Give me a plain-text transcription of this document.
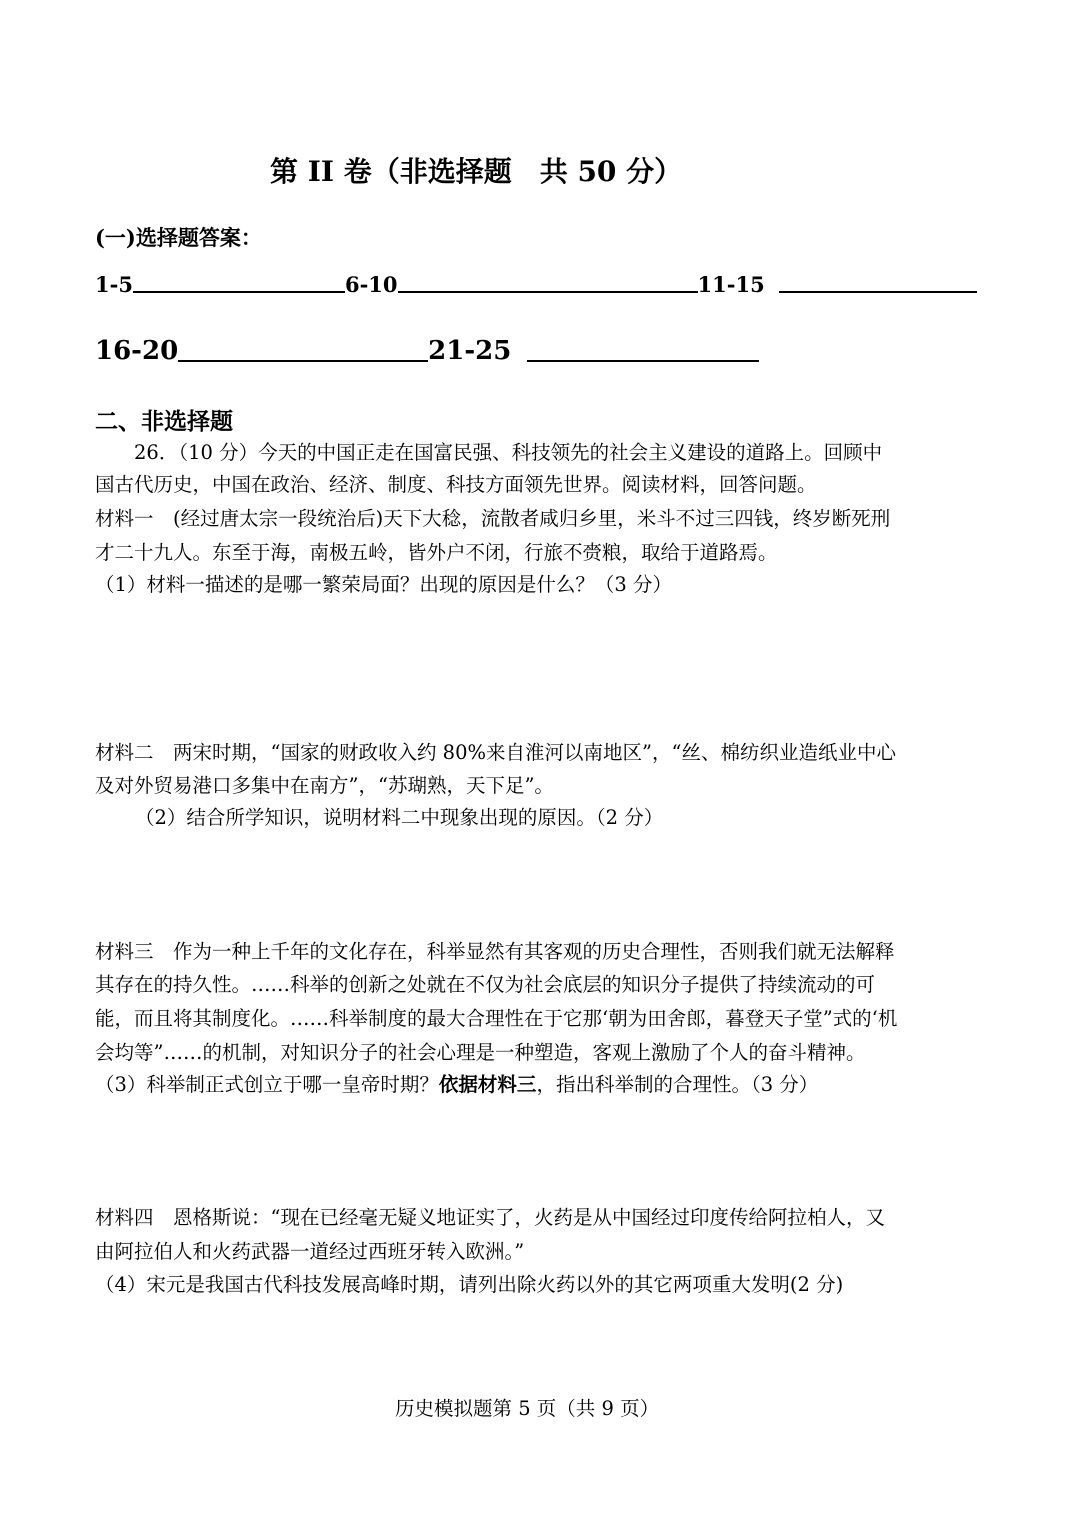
第 II 卷（非选择题　共 50 分）
(一)选择题答案：
1-5	6-10	11-15
16-20	21-25
二、非选择题
　　26．（10 分）今天的中国正走在国富民强、科技领先的社会主义建设的道路上。回顾中
国古代历史，中国在政治、经济、制度、科技方面领先世界。阅读材料，回答问题。
材料一　(经过唐太宗一段统治后)天下大稔，流散者咸归乡里，米斗不过三四钱，终岁断死刑
才二十九人。东至于海，南极五岭，皆外户不闭，行旅不赍粮，取给于道路焉。
（1）材料一描述的是哪一繁荣局面？出现的原因是什么？（3 分）
材料二　两宋时期，“国家的财政收入约 80%来自淮河以南地区”，“丝、棉纺织业造纸业中心
及对外贸易港口多集中在南方”，“苏瑚熟，天下足”。
（2）结合所学知识，说明材料二中现象出现的原因。（2 分）
材料三　作为一种上千年的文化存在，科举显然有其客观的历史合理性，否则我们就无法解释
其存在的持久性。……科举的创新之处就在不仅为社会底层的知识分子提供了持续流动的可
能，而且将其制度化。……科举制度的最大合理性在于它那‘朝为田舍郎，暮登天子堂”式的‘机
会均等”……的机制，对知识分子的社会心理是一种塑造，客观上激励了个人的奋斗精神。
（3）科举制正式创立于哪一皇帝时期？依据材料三，指出科举制的合理性。（3 分）
材料四　恩格斯说：“现在已经毫无疑义地证实了，火药是从中国经过印度传给阿拉柏人，又
由阿拉伯人和火药武器一道经过西班牙转入欧洲。”
（4）宋元是我国古代科技发展高峰时期，请列出除火药以外的其它两项重大发明(2 分)
历史模拟题第 5 页（共 9 页）
